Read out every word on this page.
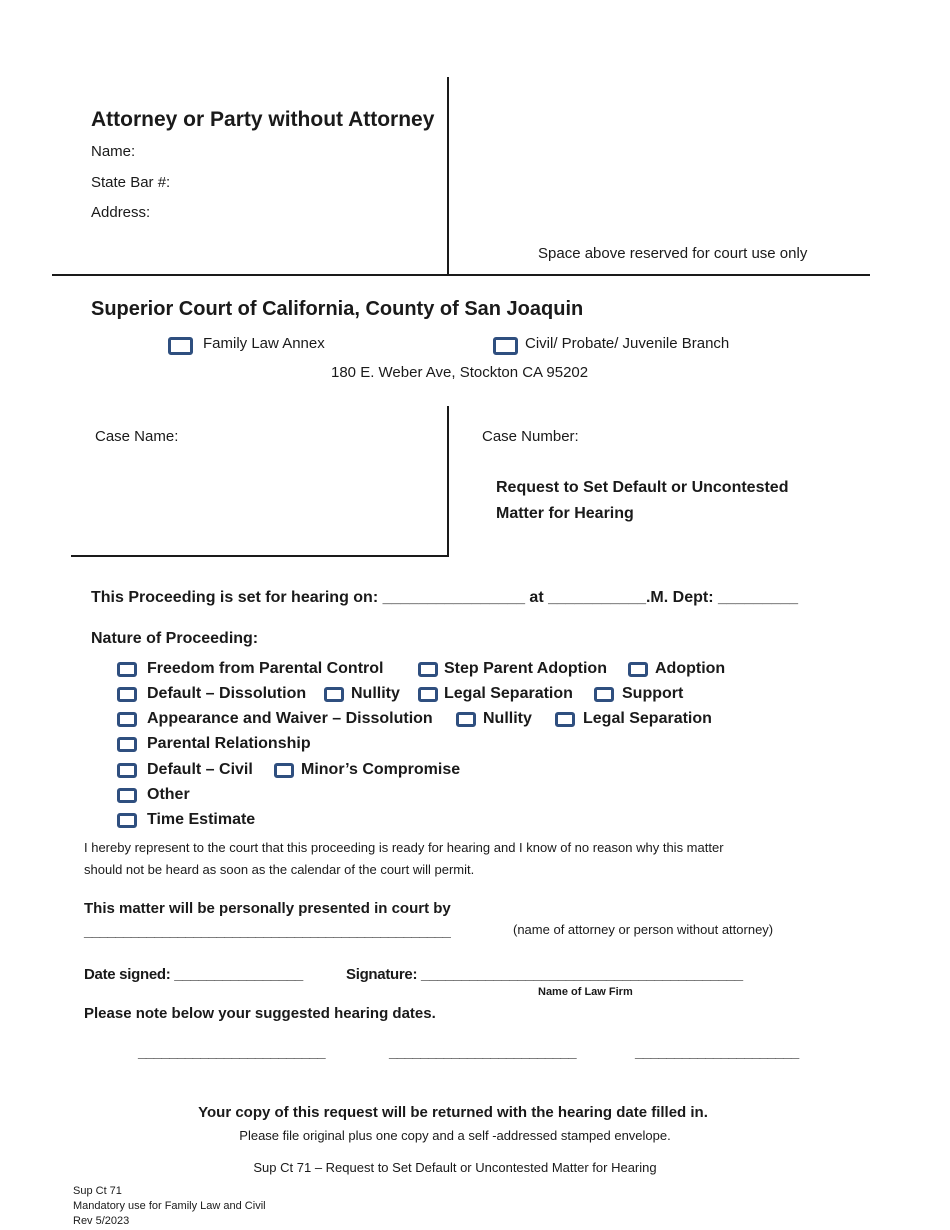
Attorney or Party without Attorney
Name:
State Bar #:
Address:
Space above reserved for court use only
Superior Court of California, County of San Joaquin
Family Law Annex	Civil/ Probate/ Juvenile Branch
180 E. Weber Ave, Stockton CA 95202
Case Name:	Case Number:
Request to Set Default or Uncontested
Matter for Hearing
This Proceeding is set for hearing on: ________________ at ___________.M. Dept: _________
Nature of Proceeding:
Freedom from Parental Control	Step Parent Adoption	Adoption
Default – Dissolution	Nullity	Legal Separation	Support
Appearance and Waiver – Dissolution	Nullity	Legal Separation
Parental Relationship
Default – Civil	Minor’s Compromise
Other
Time Estimate
I hereby represent to the court that this proceeding is ready for hearing and I know of no reason why this matter
should not be heard as soon as the calendar of the court will permit.
This matter will be personally presented in court by
_______________________________________________	(name of attorney or person without attorney)
Date signed: ________________	Signature: ________________________________________
Name of Law Firm
Please note below your suggested hearing dates.
________________________	________________________	_____________________
Your copy of this request will be returned with the hearing date filled in.
Please file original plus one copy and a self -addressed stamped envelope.
Sup Ct 71 – Request to Set Default or Uncontested Matter for Hearing
Sup Ct 71
Mandatory use for Family Law and Civil
Rev 5/2023
